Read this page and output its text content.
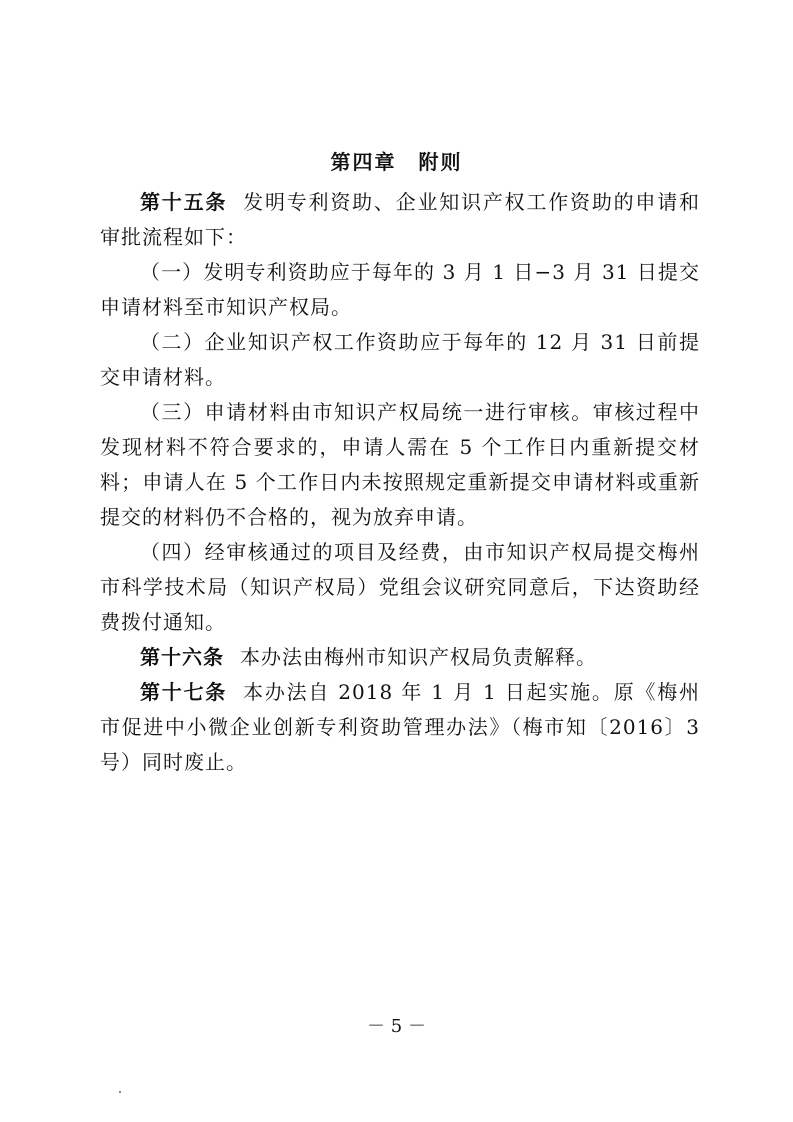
第四章　附则

第十五条 发明专利资助、企业知识产权工作资助的申请和审批流程如下：

（一）发明专利资助应于每年的 3 月 1 日−3 月 31 日提交申请材料至市知识产权局。

（二）企业知识产权工作资助应于每年的 12 月 31 日前提交申请材料。

（三）申请材料由市知识产权局统一进行审核。审核过程中发现材料不符合要求的，申请人需在 5 个工作日内重新提交材料；申请人在 5 个工作日内未按照规定重新提交申请材料或重新提交的材料仍不合格的，视为放弃申请。

（四）经审核通过的项目及经费，由市知识产权局提交梅州市科学技术局（知识产权局）党组会议研究同意后，下达资助经费拨付通知。

第十六条 本办法由梅州市知识产权局负责解释。

第十七条 本办法自 2018 年 1 月 1 日起实施。原《梅州市促进中小微企业创新专利资助管理办法》（梅市知〔2016〕3 号）同时废止。

－ 5 －
